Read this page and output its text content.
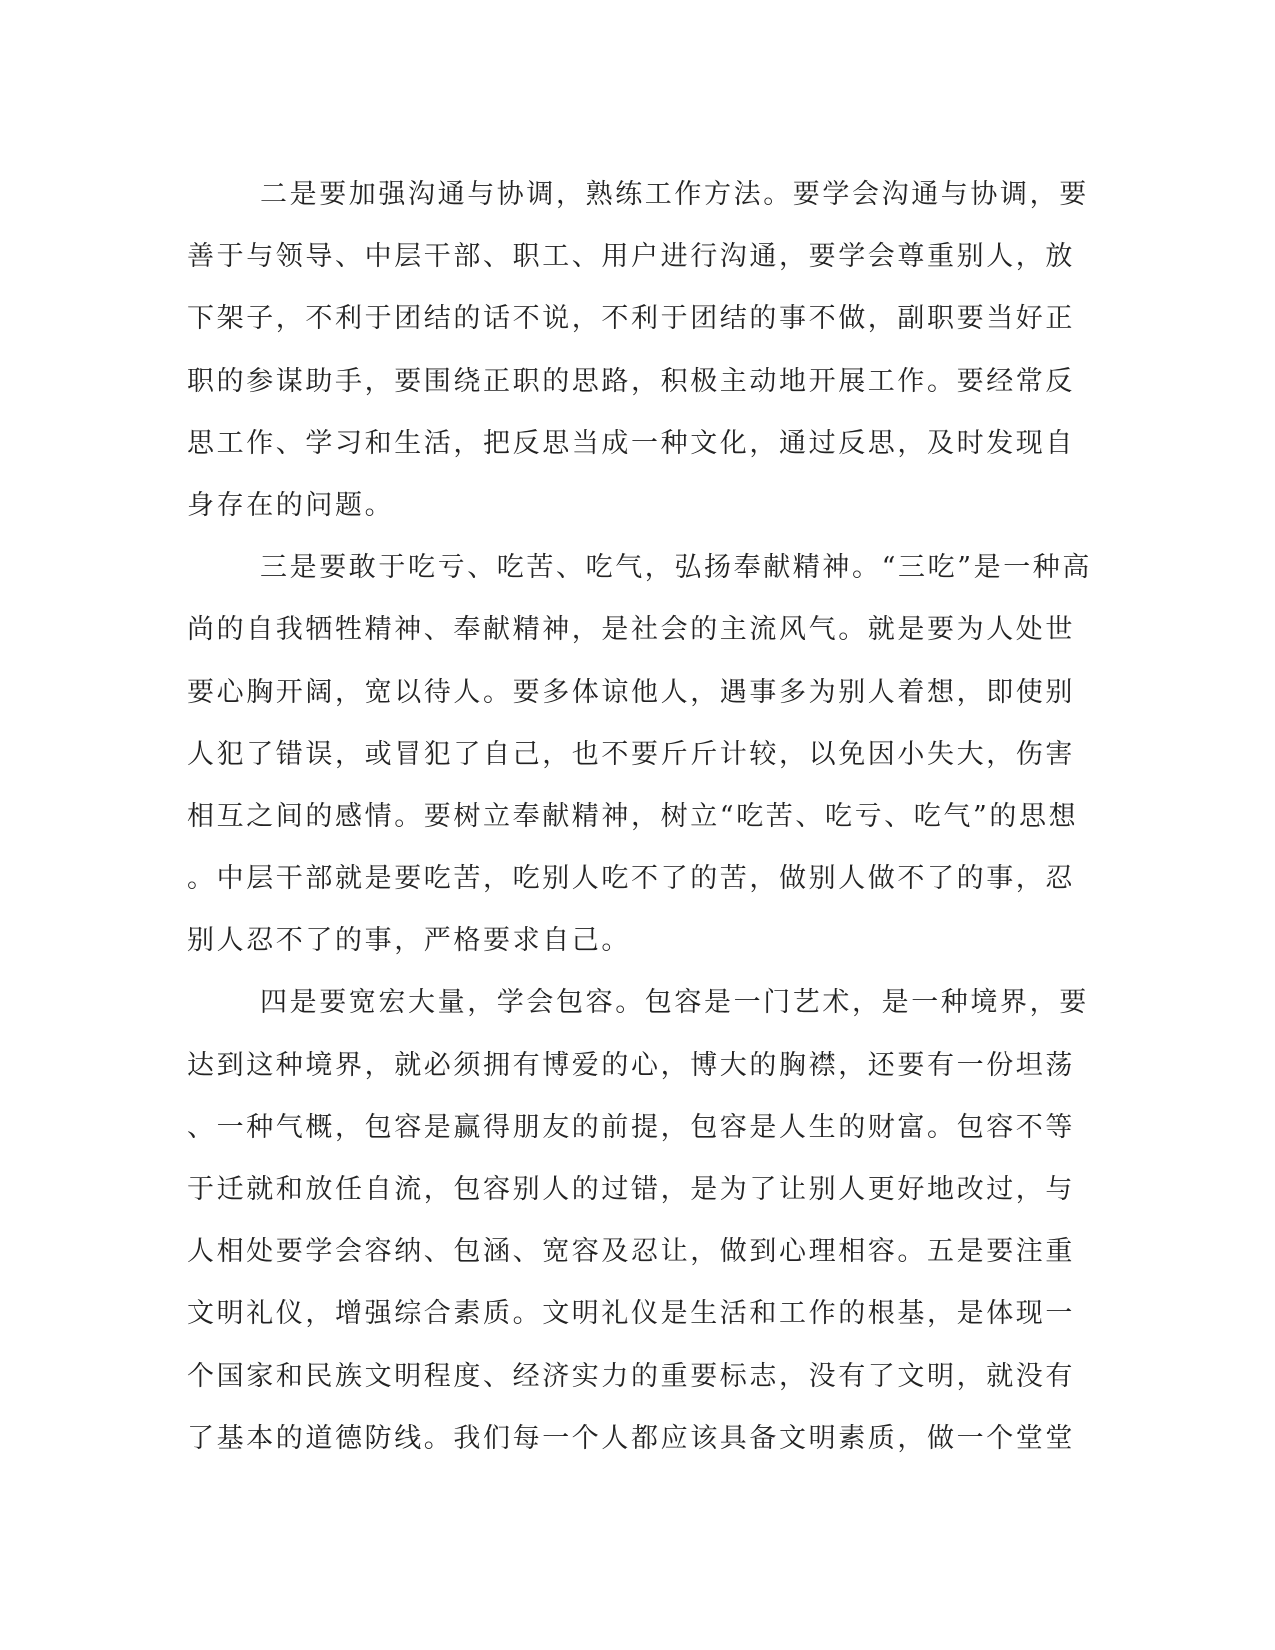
二是要加强沟通与协调，熟练工作方法。要学会沟通与协调，要
善于与领导、中层干部、职工、用户进行沟通，要学会尊重别人，放
下架子，不利于团结的话不说，不利于团结的事不做，副职要当好正
职的参谋助手，要围绕正职的思路，积极主动地开展工作。要经常反
思工作、学习和生活，把反思当成一种文化，通过反思，及时发现自
身存在的问题。
三是要敢于吃亏、吃苦、吃气，弘扬奉献精神。“三吃”是一种高
尚的自我牺牲精神、奉献精神，是社会的主流风气。就是要为人处世
要心胸开阔，宽以待人。要多体谅他人，遇事多为别人着想，即使别
人犯了错误，或冒犯了自己，也不要斤斤计较，以免因小失大，伤害
相互之间的感情。要树立奉献精神，树立“吃苦、吃亏、吃气”的思想
。中层干部就是要吃苦，吃别人吃不了的苦，做别人做不了的事，忍
别人忍不了的事，严格要求自己。
四是要宽宏大量，学会包容。包容是一门艺术，是一种境界，要
达到这种境界，就必须拥有博爱的心，博大的胸襟，还要有一份坦荡
、一种气概，包容是赢得朋友的前提，包容是人生的财富。包容不等
于迁就和放任自流，包容别人的过错，是为了让别人更好地改过，与
人相处要学会容纳、包涵、宽容及忍让，做到心理相容。五是要注重
文明礼仪，增强综合素质。文明礼仪是生活和工作的根基，是体现一
个国家和民族文明程度、经济实力的重要标志，没有了文明，就没有
了基本的道德防线。我们每一个人都应该具备文明素质，做一个堂堂
